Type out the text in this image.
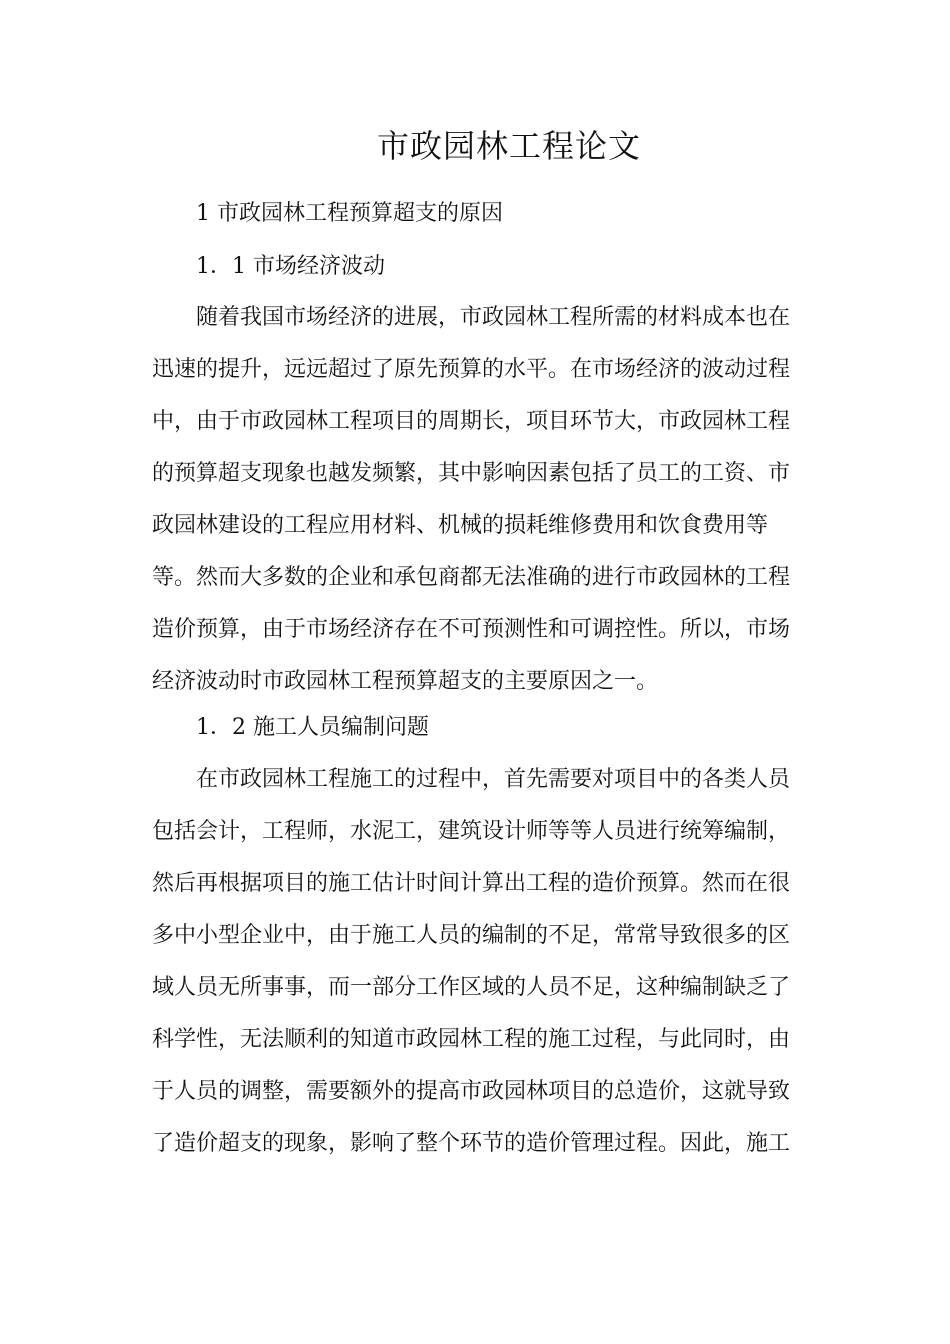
市政园林工程论文
1 市政园林工程预算超支的原因
1．1 市场经济波动

随着我国市场经济的进展，市政园林工程所需的材料成本也在
迅速的提升，远远超过了原先预算的水平。在市场经济的波动过程
中，由于市政园林工程项目的周期长，项目环节大，市政园林工程
的预算超支现象也越发频繁，其中影响因素包括了员工的工资、市
政园林建设的工程应用材料、机械的损耗维修费用和饮食费用等
等。然而大多数的企业和承包商都无法准确的进行市政园林的工程
造价预算，由于市场经济存在不可预测性和可调控性。所以，市场
经济波动时市政园林工程预算超支的主要原因之一。

1．2 施工人员编制问题

在市政园林工程施工的过程中，首先需要对项目中的各类人员
包括会计，工程师，水泥工，建筑设计师等等人员进行统筹编制，
然后再根据项目的施工估计时间计算出工程的造价预算。然而在很
多中小型企业中，由于施工人员的编制的不足，常常导致很多的区
域人员无所事事，而一部分工作区域的人员不足，这种编制缺乏了
科学性，无法顺利的知道市政园林工程的施工过程，与此同时，由
于人员的调整，需要额外的提高市政园林项目的总造价，这就导致
了造价超支的现象，影响了整个环节的造价管理过程。因此，施工
